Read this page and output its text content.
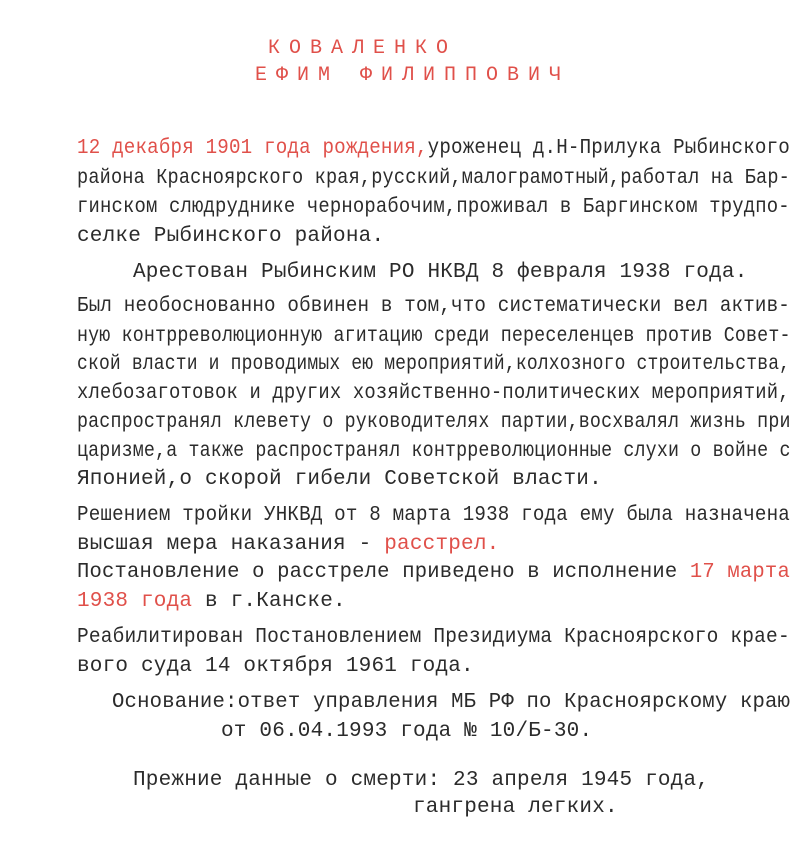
КОВАЛЕНКО
ЕФИМ ФИЛИППОВИЧ
12 декабря 1901 года рождения,уроженец д.Н-Прилука Рыбинского
района Красноярского края,русский,малограмотный,работал на Бар-
гинском слюдруднике чернорабочим,проживал в Баргинском трудпо-
селке Рыбинского района.
Арестован Рыбинским РО НКВД 8 февраля 1938 года.
Был необоснованно обвинен в том,что систематически вел актив-
ную контрреволюционную агитацию среди переселенцев против Совет-
ской власти и проводимых ею мероприятий,колхозного строительства,
хлебозаготовок и других хозяйственно-политических мероприятий,
распространял клевету о руководителях партии,восхвалял жизнь при
царизме,а также распространял контрреволюционные слухи о войне с
Японией,о скорой гибели Советской власти.
Решением тройки УНКВД от 8 марта 1938 года ему была назначена
высшая мера наказания - расстрел.
Постановление о расстреле приведено в исполнение 17 марта
1938 года в г.Канске.
Реабилитирован Постановлением Президиума Красноярского крае-
вого суда 14 октября 1961 года.
Основание:ответ управления МБ РФ по Красноярскому краю
от 06.04.1993 года № 10/Б-30.
Прежние данные о смерти: 23 апреля 1945 года,
гангрена легких.
